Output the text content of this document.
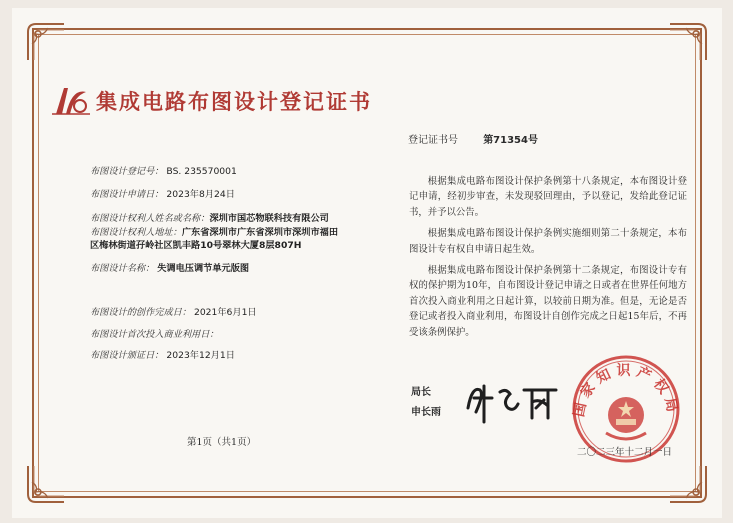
集成电路布图设计登记证书
登记证书号	第71354号
布图设计登记号： BS. 235570001
布图设计申请日： 2023年8月24日
布图设计权利人姓名或名称：深圳市国芯物联科技有限公司
布图设计权利人地址：广东省深圳市广东省深圳市深圳市福田区梅林街道孖岭社区凯丰路10号翠林大厦8层807H
布图设计名称： 失调电压调节单元版图
布图设计的创作完成日： 2021年6月1日
布图设计首次投入商业利用日：
布图设计颁证日： 2023年12月1日
第1页（共1页）

根据集成电路布图设计保护条例第十八条规定，本布图设计登记申请，经初步审查，未发现驳回理由，予以登记，发给此登记证书，并予以公告。

根据集成电路布图设计保护条例实施细则第二十条规定，本布图设计专有权自申请日起生效。

根据集成电路布图设计保护条例第十二条规定，布图设计专有权的保护期为10年，自布图设计登记申请之日或者在世界任何地方首次投入商业利用之日起计算，以较前日期为准。但是，无论是否登记或者投入商业利用，布图设计自创作完成之日起15年后，不再受该条例保护。

局长
申长雨	国家知识产权局
二〇二三年十二月一日
